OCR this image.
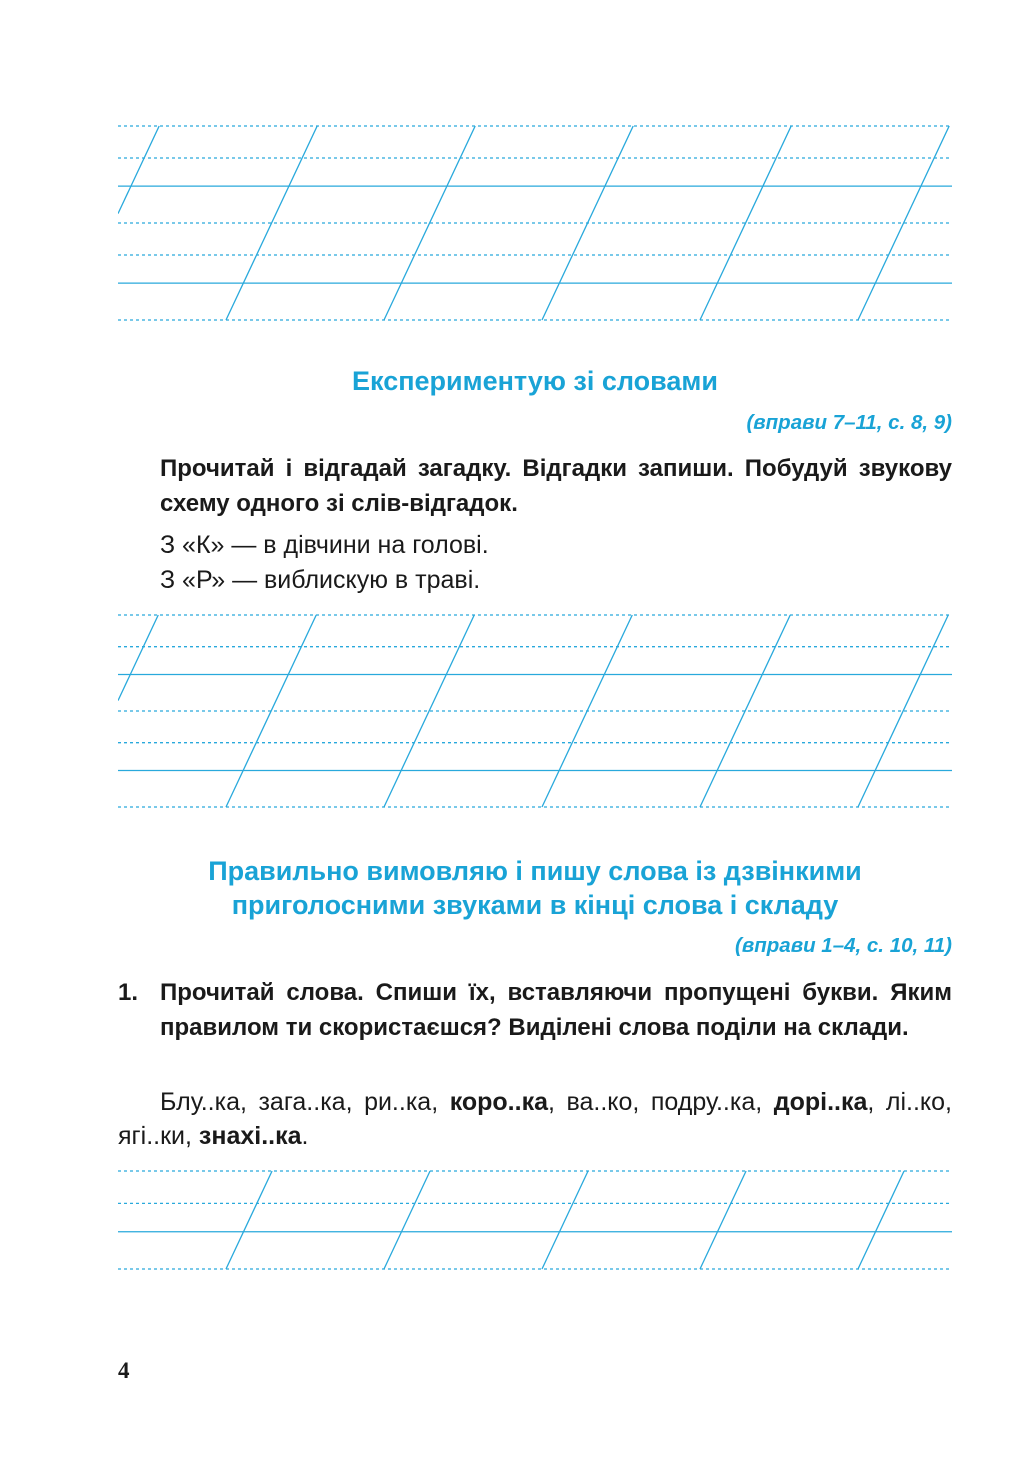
Експериментую зі словами

(вправи 7–11, с. 8, 9)

Прочитай і відгадай загадку. Відгадки запиши. Побудуй звукову схему одного зі слів-відгадок.

З «К» — в дівчини на голові.

З «Р» — виблискую в траві.

Правильно вимовляю і пишу слова із дзвінкими
приголосними звуками в кінці слова і складу

(вправи 1–4, с. 10, 11)

1. Прочитай слова. Спиши їх, вставляючи пропущені букви. Яким правилом ти скористаєшся? Виділені слова поділи на склади.

Блу..ка, зага..ка, ри..ка, коро..ка, ва..ко, подру..ка, дорі..ка, лі..ко, ягі..ки, знахі..ка.

4
